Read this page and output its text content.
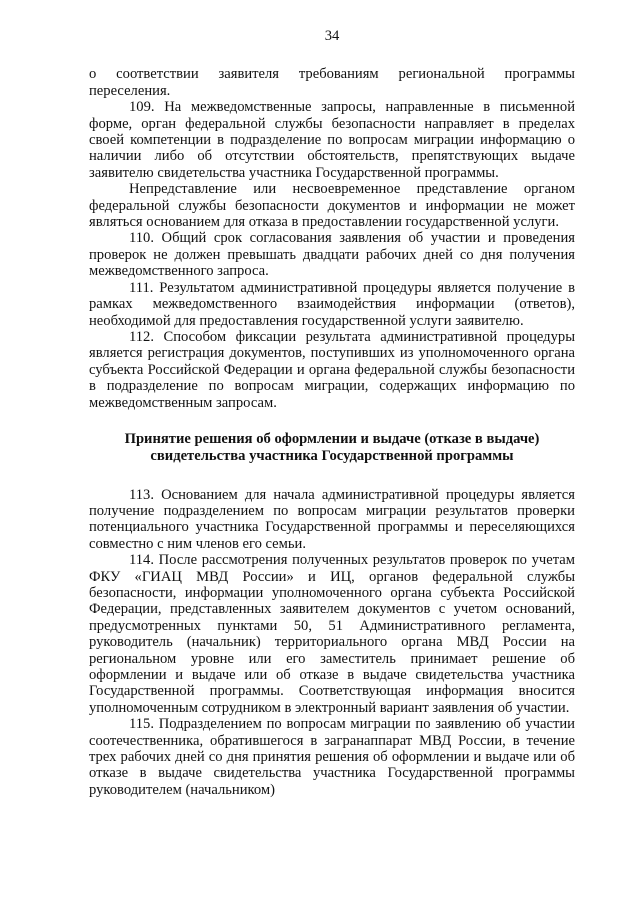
34

о соответствии заявителя требованиям региональной программы переселения.

109. На межведомственные запросы, направленные в письменной форме, орган федеральной службы безопасности направляет в пределах своей компетенции в подразделение по вопросам миграции информацию о наличии либо об отсутствии обстоятельств, препятствующих выдаче заявителю свидетельства участника Государственной программы.

Непредставление или несвоевременное представление органом федеральной службы безопасности документов и информации не может являться основанием для отказа в предоставлении государственной услуги.

110. Общий срок согласования заявления об участии и проведения проверок не должен превышать двадцати рабочих дней со дня получения межведомственного запроса.

111. Результатом административной процедуры является получение в рамках межведомственного взаимодействия информации (ответов), необходимой для предоставления государственной услуги заявителю.

112. Способом фиксации результата административной процедуры является регистрация документов, поступивших из уполномоченного органа субъекта Российской Федерации и органа федеральной службы безопасности в подразделение по вопросам миграции, содержащих информацию по межведомственным запросам.

Принятие решения об оформлении и выдаче (отказе в выдаче) свидетельства участника Государственной программы

113. Основанием для начала административной процедуры является получение подразделением по вопросам миграции результатов проверки потенциального участника Государственной программы и переселяющихся совместно с ним членов его семьи.

114. После рассмотрения полученных результатов проверок по учетам ФКУ «ГИАЦ МВД России» и ИЦ, органов федеральной службы безопасности, информации уполномоченного органа субъекта Российской Федерации, представленных заявителем документов с учетом оснований, предусмотренных пунктами 50, 51 Административного регламента, руководитель (начальник) территориального органа МВД России на региональном уровне или его заместитель принимает решение об оформлении и выдаче или об отказе в выдаче свидетельства участника Государственной программы. Соответствующая информация вносится уполномоченным сотрудником в электронный вариант заявления об участии.

115. Подразделением по вопросам миграции по заявлению об участии соотечественника, обратившегося в загранаппарат МВД России, в течение трех рабочих дней со дня принятия решения об оформлении и выдаче или об отказе в выдаче свидетельства участника Государственной программы руководителем (начальником)
